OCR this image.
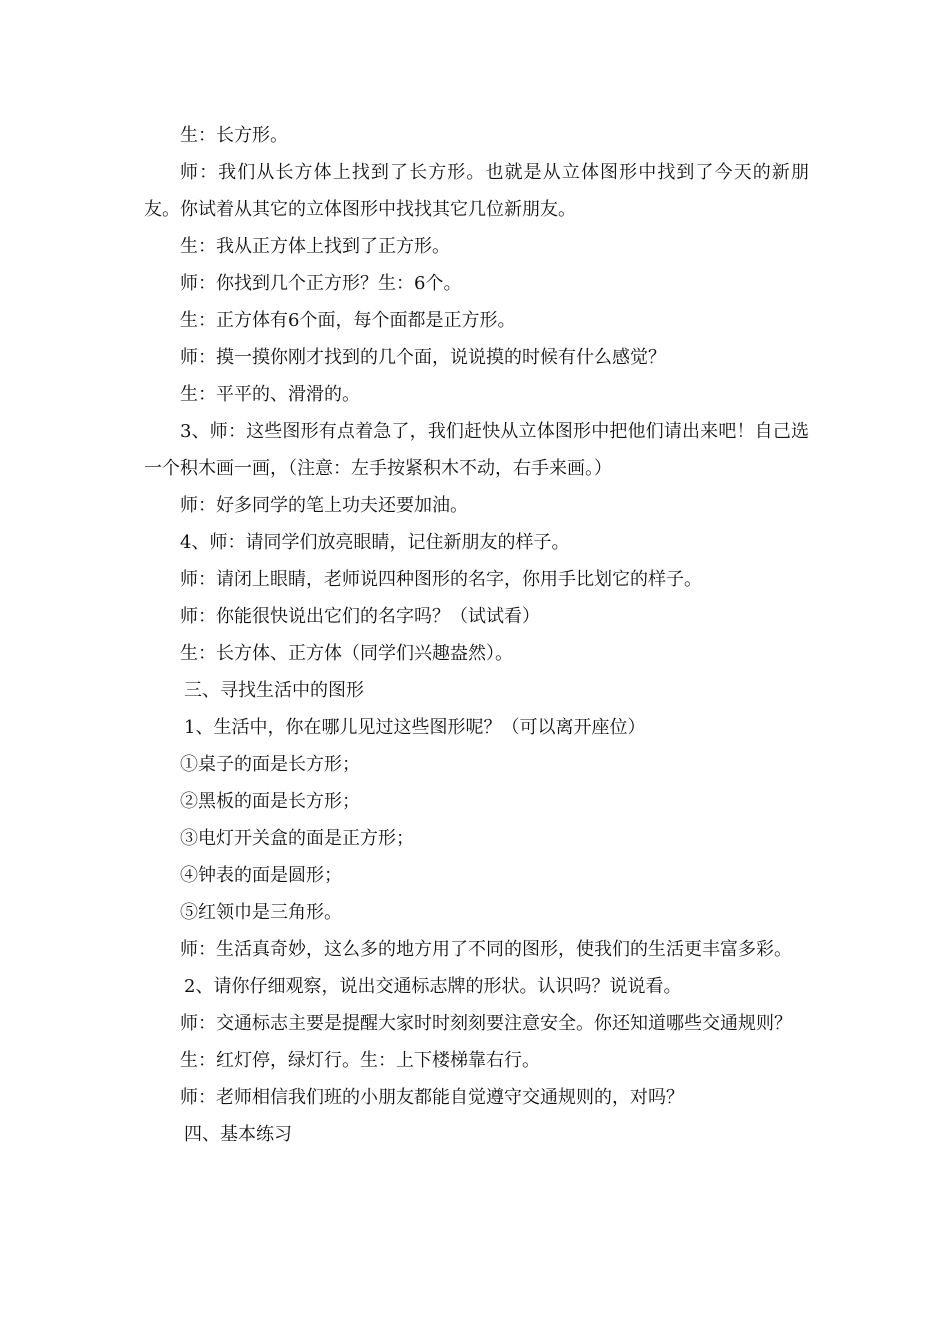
生：长方形。

师：我们从长方体上找到了长方形。也就是从立体图形中找到了今天的新朋友。你试着从其它的立体图形中找找其它几位新朋友。

生：我从正方体上找到了正方形。

师：你找到几个正方形？生：6个。

生：正方体有6个面，每个面都是正方形。

师：摸一摸你刚才找到的几个面，说说摸的时候有什么感觉？

生：平平的、滑滑的。

3、师：这些图形有点着急了，我们赶快从立体图形中把他们请出来吧！自己选一个积木画一画，（注意：左手按紧积木不动，右手来画。）

师：好多同学的笔上功夫还要加油。

4、师：请同学们放亮眼睛，记住新朋友的样子。

师：请闭上眼睛，老师说四种图形的名字，你用手比划它的样子。

师：你能很快说出它们的名字吗？（试试看）

生：长方体、正方体（同学们兴趣盎然）。

三、寻找生活中的图形

1、生活中，你在哪儿见过这些图形呢？（可以离开座位）

①桌子的面是长方形；

②黑板的面是长方形；

③电灯开关盒的面是正方形；

④钟表的面是圆形；

⑤红领巾是三角形。

师：生活真奇妙，这么多的地方用了不同的图形，使我们的生活更丰富多彩。

2、请你仔细观察，说出交通标志牌的形状。认识吗？说说看。

师：交通标志主要是提醒大家时时刻刻要注意安全。你还知道哪些交通规则？

生：红灯停，绿灯行。生：上下楼梯靠右行。

师：老师相信我们班的小朋友都能自觉遵守交通规则的，对吗？

四、基本练习
